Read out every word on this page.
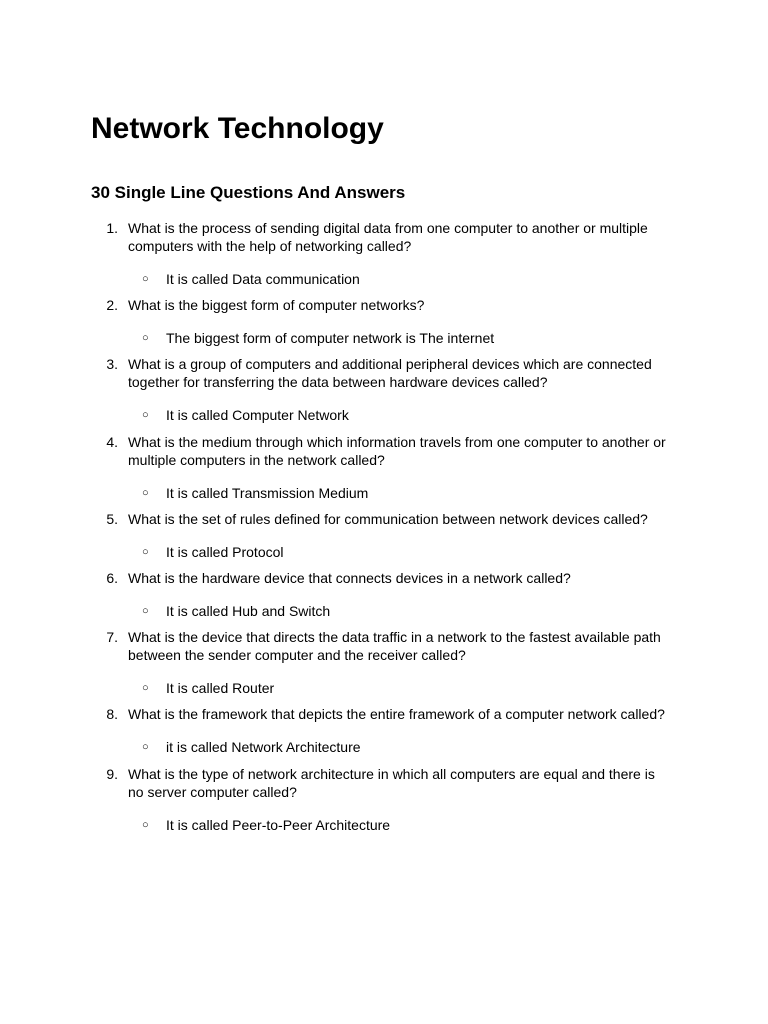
Network Technology
30 Single Line Questions And Answers
1. What is the process of sending digital data from one computer to another or multiple computers with the help of networking called?

○ It is called Data communication
2. What is the biggest form of computer networks?

○ The biggest form of computer network is The internet
3. What is a group of computers and additional peripheral devices which are connected together for transferring the data between hardware devices called?

○ It is called Computer Network
4. What is the medium through which information travels from one computer to another or multiple computers in the network called?

○ It is called Transmission Medium
5. What is the set of rules defined for communication between network devices called?

○ It is called Protocol
6. What is the hardware device that connects devices in a network called?

○ It is called Hub and Switch
7. What is the device that directs the data traffic in a network to the fastest available path between the sender computer and the receiver called?

○ It is called Router
8. What is the framework that depicts the entire framework of a computer network called?

○ it is called Network Architecture
9. What is the type of network architecture in which all computers are equal and there is no server computer called?

○ It is called Peer-to-Peer Architecture
